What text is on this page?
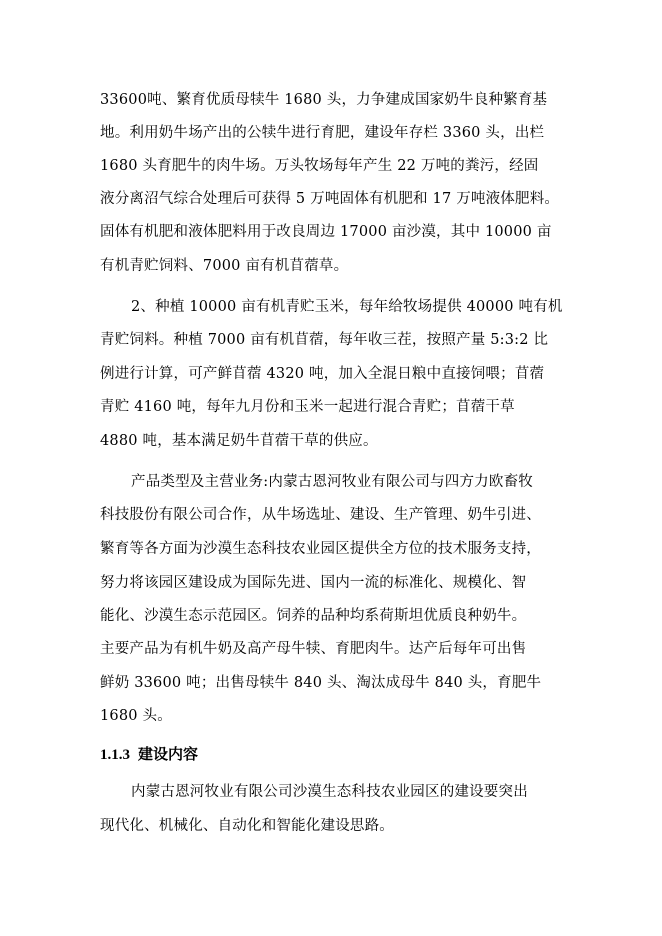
33600吨、繁育优质母犊牛 1680 头，力争建成国家奶牛良种繁育基
地。利用奶牛场产出的公犊牛进行育肥，建设年存栏 3360 头，出栏
1680 头育肥牛的肉牛场。万头牧场每年产生 22 万吨的粪污，经固
液分离沼气综合处理后可获得 5 万吨固体有机肥和 17 万吨液体肥料。
固体有机肥和液体肥料用于改良周边 17000 亩沙漠，其中 10000 亩
有机青贮饲料、7000 亩有机苜蓿草。
2、种植 10000 亩有机青贮玉米，每年给牧场提供 40000 吨有机
青贮饲料。种植 7000 亩有机苜蓿，每年收三茬，按照产量 5:3:2 比
例进行计算，可产鲜苜蓿 4320 吨，加入全混日粮中直接饲喂；苜蓿
青贮 4160 吨，每年九月份和玉米一起进行混合青贮；苜蓿干草
4880 吨，基本满足奶牛苜蓿干草的供应。
产品类型及主营业务:内蒙古恩河牧业有限公司与四方力欧畜牧
科技股份有限公司合作，从牛场选址、建设、生产管理、奶牛引进、
繁育等各方面为沙漠生态科技农业园区提供全方位的技术服务支持，
努力将该园区建设成为国际先进、国内一流的标准化、规模化、智
能化、沙漠生态示范园区。饲养的品种均系荷斯坦优质良种奶牛。
主要产品为有机牛奶及高产母牛犊、育肥肉牛。达产后每年可出售
鲜奶 33600 吨；出售母犊牛 840 头、淘汰成母牛 840 头，育肥牛
1680 头。
1.1.3 建设内容
内蒙古恩河牧业有限公司沙漠生态科技农业园区的建设要突出
现代化、机械化、自动化和智能化建设思路。
